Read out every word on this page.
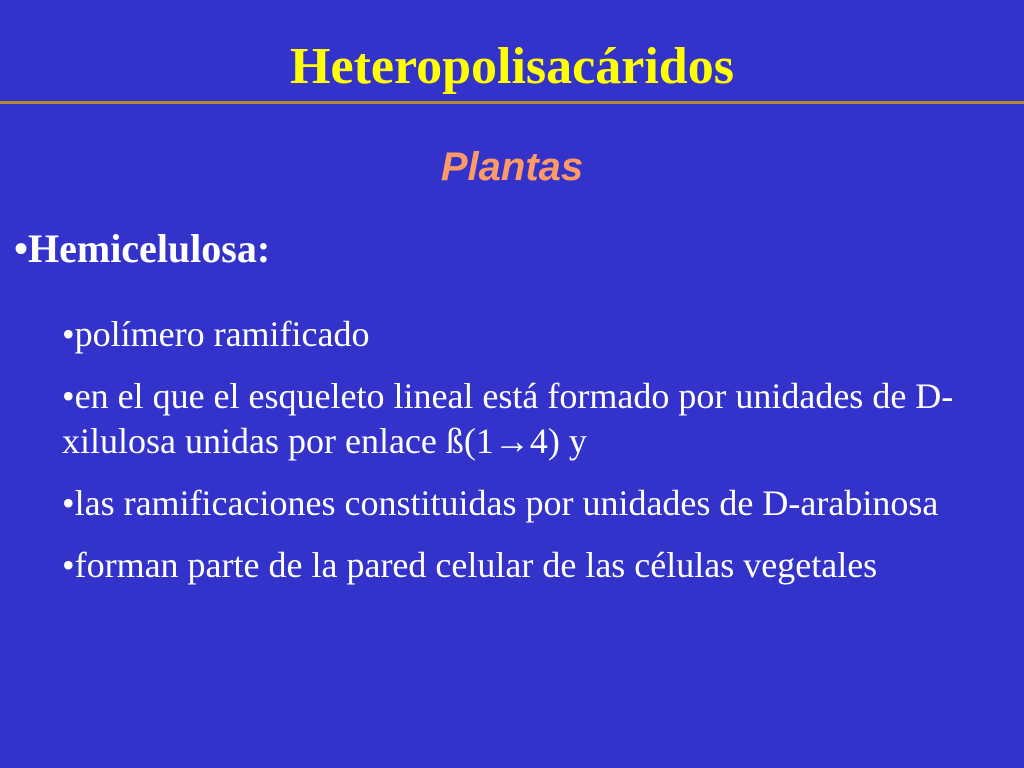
Heteropolisacáridos
Plantas
•Hemicelulosa:
•polímero ramificado
•en el que el esqueleto lineal está formado por unidades de D-xilulosa unidas por enlace ß(1→4) y
•las ramificaciones constituidas por unidades de D-arabinosa
•forman parte de la pared celular de las células vegetales
